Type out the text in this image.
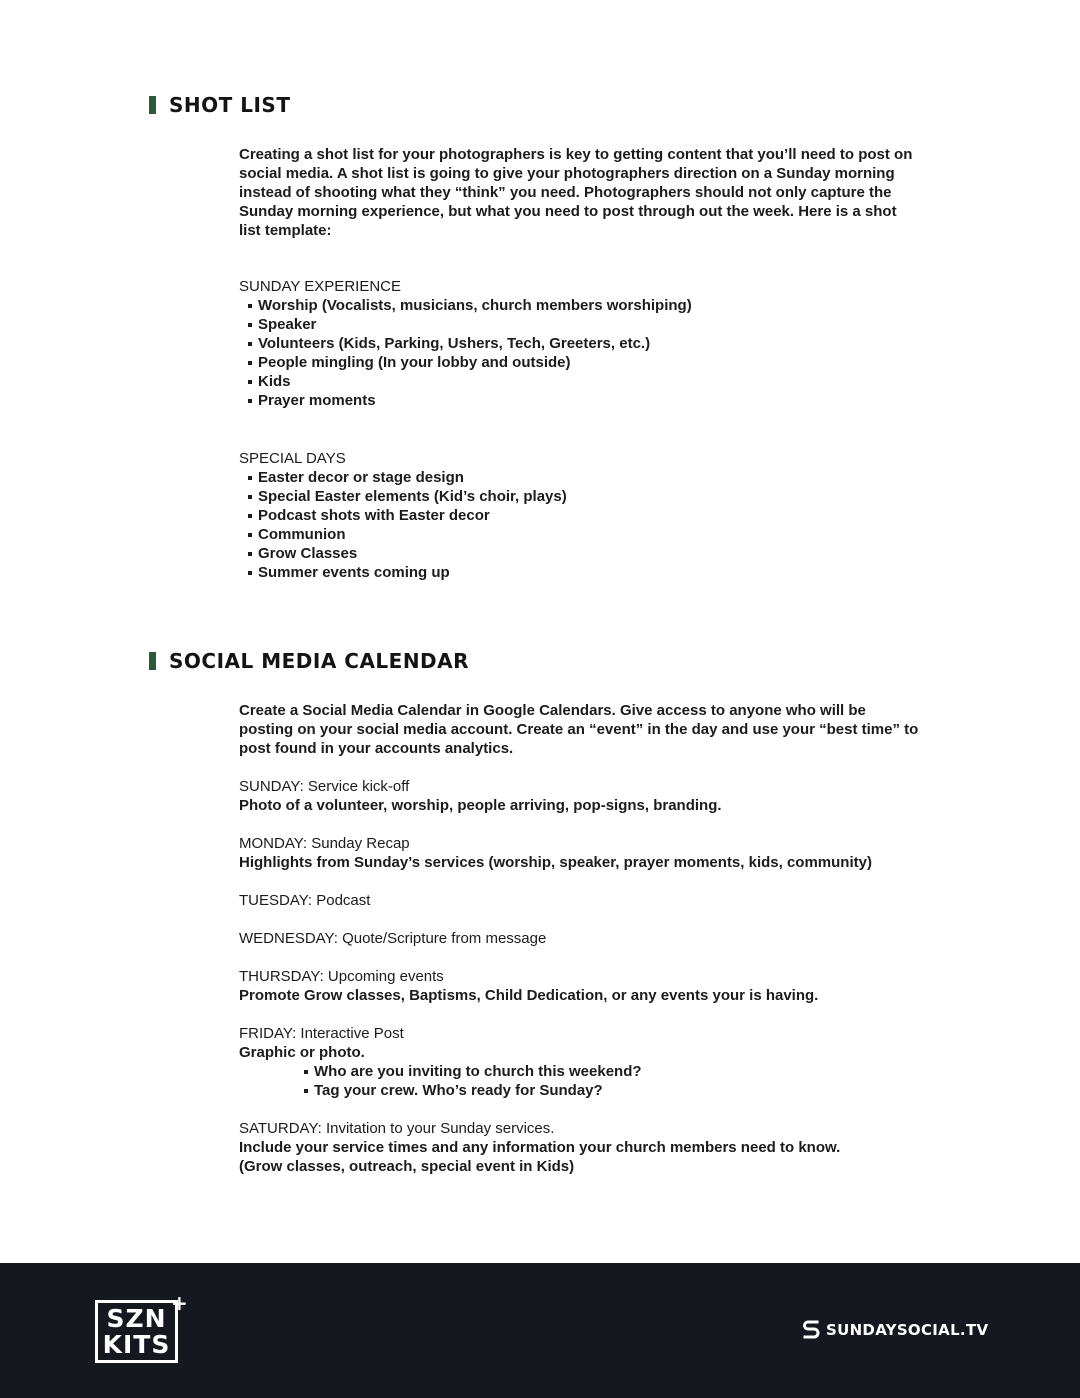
SHOT LIST

Creating a shot list for your photographers is key to getting content that you’ll need to post on social media. A shot list is going to give your photographers direction on a Sunday morning instead of shooting what they “think” you need. Photographers should not only capture the Sunday morning experience, but what you need to post through out the week. Here is a shot list template:

SUNDAY EXPERIENCE

Worship (Vocalists, musicians, church members worshiping)
Speaker
Volunteers (Kids, Parking, Ushers, Tech, Greeters, etc.)
People mingling (In your lobby and outside)
Kids
Prayer moments

SPECIAL DAYS

Easter decor or stage design
Special Easter elements (Kid’s choir, plays)
Podcast shots with Easter decor
Communion
Grow Classes
Summer events coming up
SOCIAL MEDIA CALENDAR

Create a Social Media Calendar in Google Calendars. Give access to anyone who will be posting on your social media account. Create an “event” in the day and use your “best time” to post found in your accounts analytics.

SUNDAY: Service kick-off

Photo of a volunteer, worship, people arriving, pop-signs, branding.

MONDAY: Sunday Recap

Highlights from Sunday’s services (worship, speaker, prayer moments, kids, community)

TUESDAY: Podcast

WEDNESDAY: Quote/Scripture from message

THURSDAY: Upcoming events

Promote Grow classes, Baptisms, Child Dedication, or any events your is having.

FRIDAY: Interactive Post

Graphic or photo.

Who are you inviting to church this weekend?
Tag your crew. Who’s ready for Sunday?

SATURDAY: Invitation to your Sunday services.

Include your service times and any information your church members need to know.

(Grow classes, outreach, special event in Kids)

SZN
KITS
+
SUNDAYSOCIAL.TV
